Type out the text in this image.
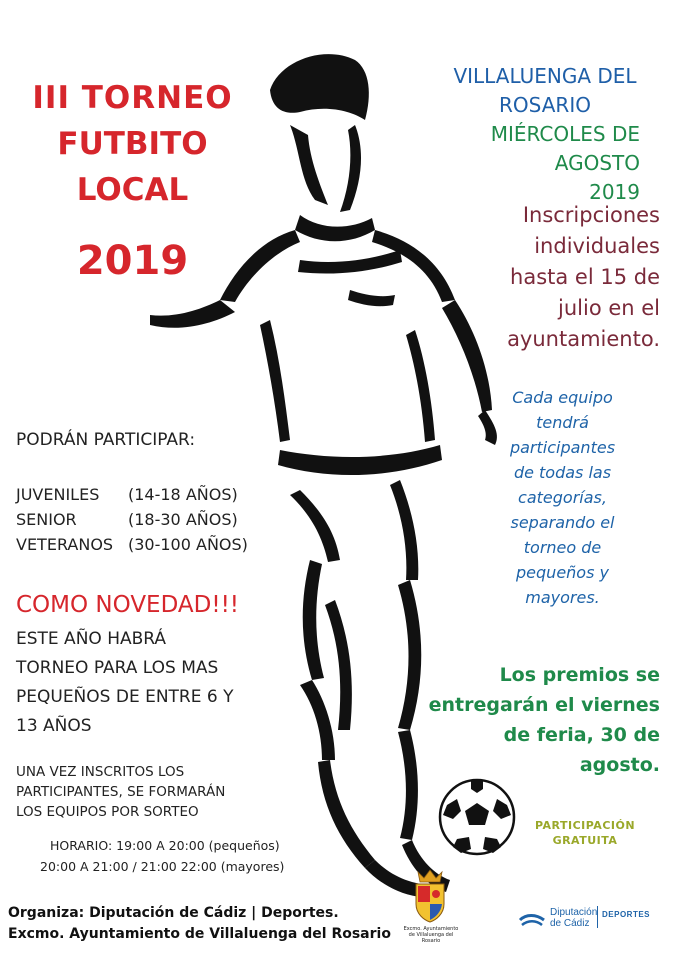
III TORNEO
FUTBITO
LOCAL
2019
VILLALUENGA DEL
ROSARIO
MIÉRCOLES DE AGOSTO
2019
Inscripciones
individuales
hasta el 15 de
julio en el
ayuntamiento.
Cada equipo
tendrá
participantes
de todas las
categorías,
separando el
torneo de
pequeños y
mayores.
PODRÁN PARTICIPAR:
JUVENILES	(14-18 AÑOS)
SENIOR	(18-30 AÑOS)
VETERANOS	(30-100 AÑOS)
COMO NOVEDAD!!!
ESTE AÑO HABRÁ
TORNEO PARA LOS MAS
PEQUEÑOS DE ENTRE 6 Y
13 AÑOS
UNA VEZ INSCRITOS LOS
PARTICIPANTES, SE FORMARÁN
LOS EQUIPOS POR SORTEO
HORARIO: 19:00 A 20:00 (pequeños)
20:00 A 21:00 / 21:00 22:00 (mayores)
Los premios se
entregarán el viernes
de feria, 30 de
agosto.
PARTICIPACIÓN
GRATUITA
Organiza: Diputación de Cádiz | Deportes.
Excmo. Ayuntamiento de Villaluenga del Rosario	Excmo. Ayuntamiento de Villaluenga del Rosario
Diputación
de Cádiz
DEPORTES
